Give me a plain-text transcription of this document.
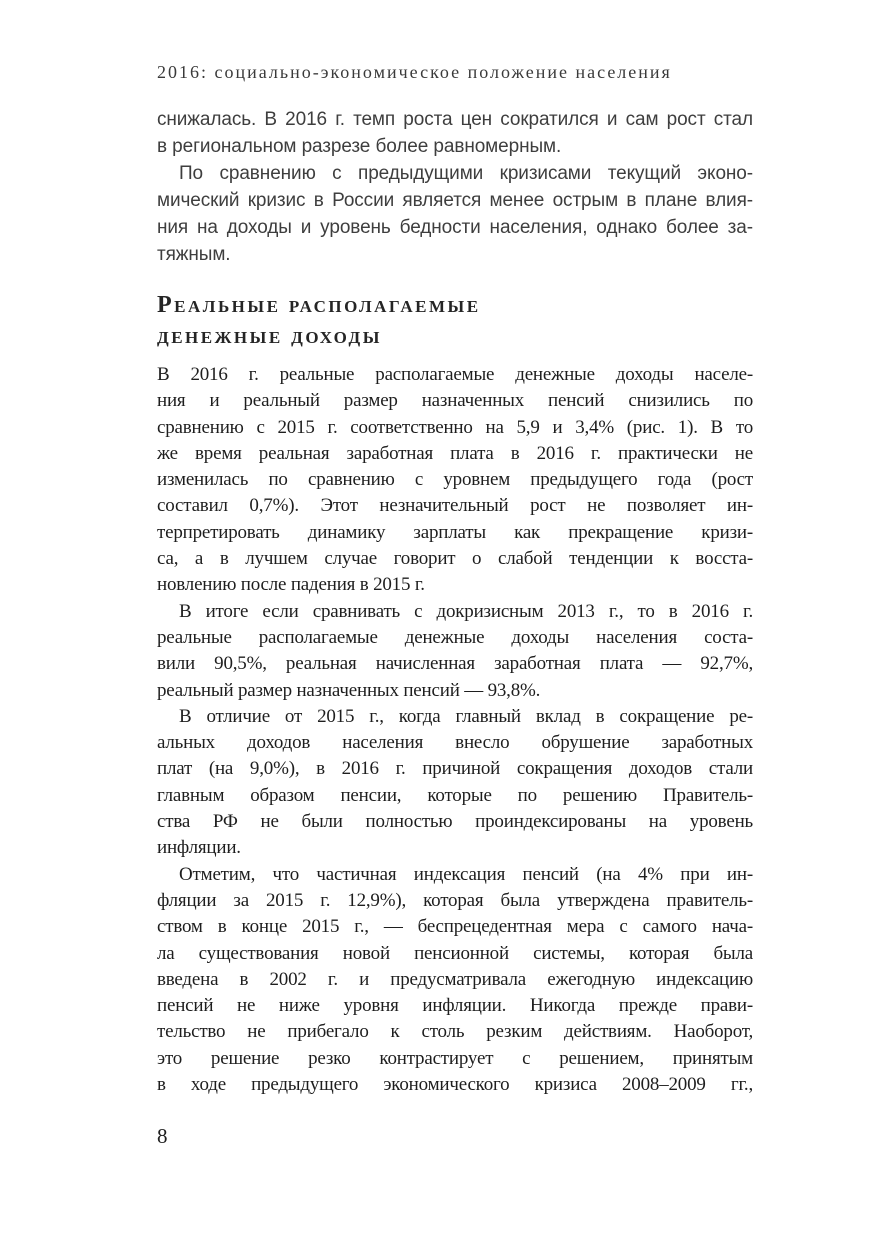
2016: социально-экономическое положение населения
снижалась. В 2016 г. темп роста цен сократился и сам рост стал
в региональном разрезе более равномерным.
По сравнению с предыдущими кризисами текущий эконо-
мический кризис в России является менее острым в плане влия-
ния на доходы и уровень бедности населения, однако более за-
тяжным.
Реальные располагаемые
денежные доходы
В 2016 г. реальные располагаемые денежные доходы населе-
ния и реальный размер назначенных пенсий снизились по
сравнению с 2015 г. соответственно на 5,9 и 3,4% (рис. 1). В то
же время реальная заработная плата в 2016 г. практически не
изменилась по сравнению с уровнем предыдущего года (рост
составил 0,7%). Этот незначительный рост не позволяет ин-
терпретировать динамику зарплаты как прекращение кризи-
са, а в лучшем случае говорит о слабой тенденции к восста-
новлению после падения в 2015 г.
В итоге если сравнивать с докризисным 2013 г., то в 2016 г.
реальные располагаемые денежные доходы населения соста-
вили 90,5%, реальная начисленная заработная плата — 92,7%,
реальный размер назначенных пенсий — 93,8%.
В отличие от 2015 г., когда главный вклад в сокращение ре-
альных доходов населения внесло обрушение заработных
плат (на 9,0%), в 2016 г. причиной сокращения доходов стали
главным образом пенсии, которые по решению Правитель-
ства РФ не были полностью проиндексированы на уровень
инфляции.
Отметим, что частичная индексация пенсий (на 4% при ин-
фляции за 2015 г. 12,9%), которая была утверждена правитель-
ством в конце 2015 г., — беспрецедентная мера с самого нача-
ла существования новой пенсионной системы, которая была
введена в 2002 г. и предусматривала ежегодную индексацию
пенсий не ниже уровня инфляции. Никогда прежде прави-
тельство не прибегало к столь резким действиям. Наоборот,
это решение резко контрастирует с решением, принятым
в ходе предыдущего экономического кризиса 2008–2009 гг.,
8
